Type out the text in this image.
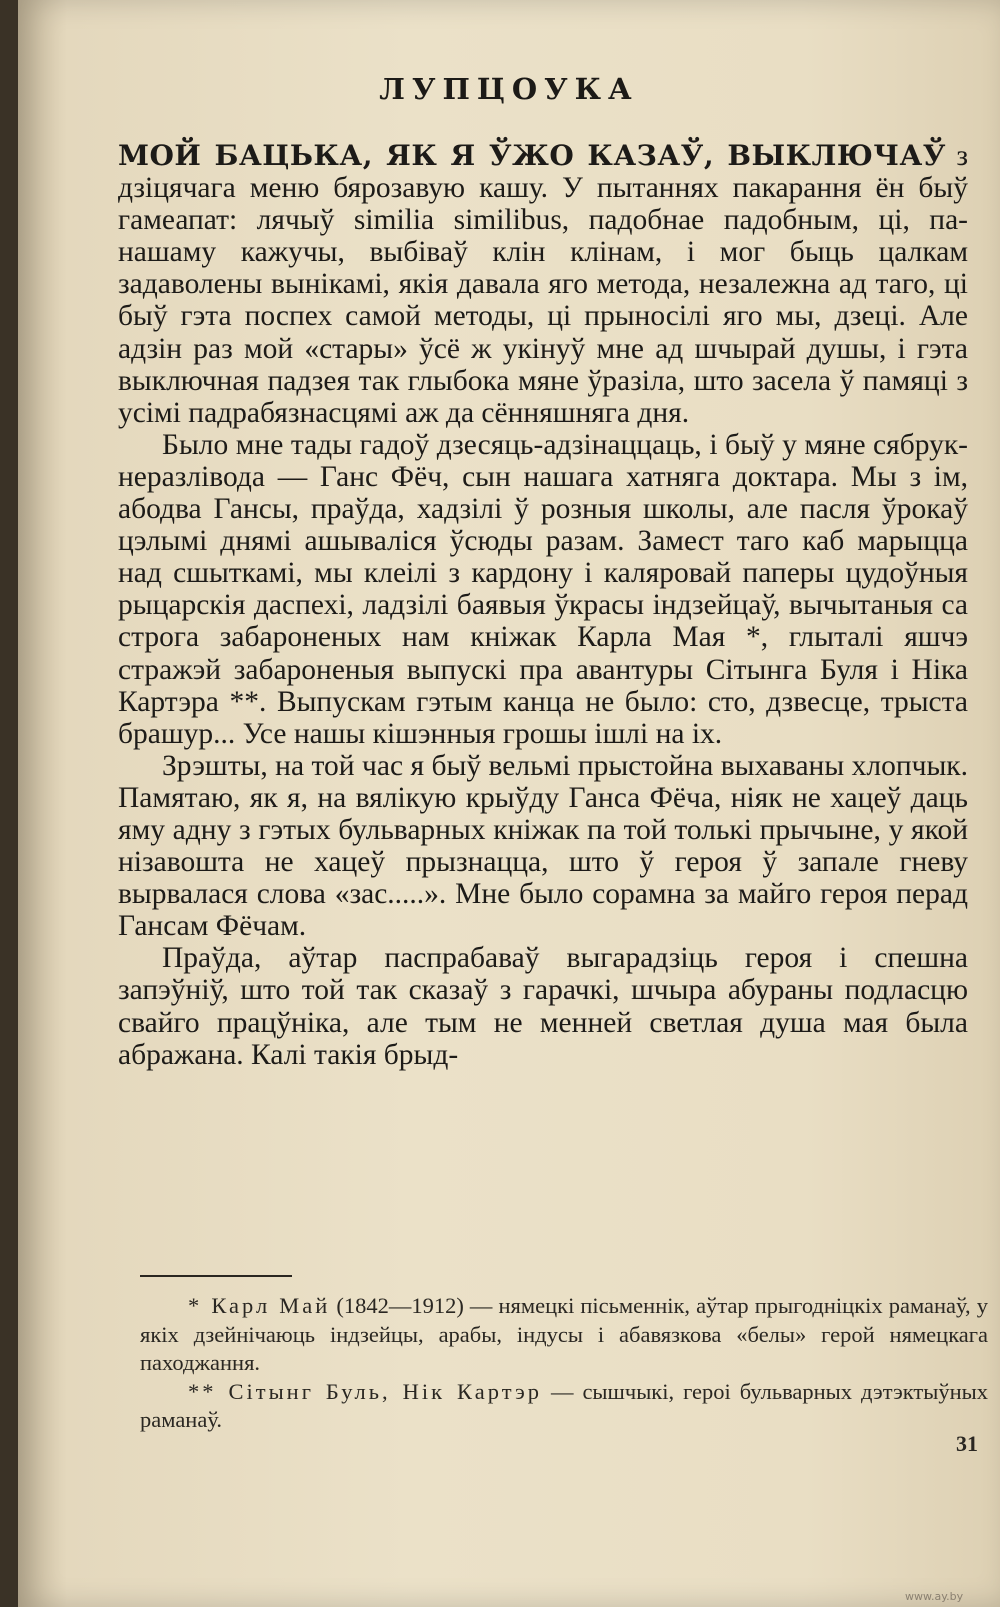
ЛУПЦОУКА

МОЙ БАЦЬКА, ЯК Я ЎЖО КАЗАЎ, ВЫКЛЮЧАЎ з дзіцячага меню бярозавую кашу. У пытаннях пакарання ён быў гамеапат: лячыў similia similibus, падобнае падобным, ці, па-нашаму кажучы, выбіваў клін клінам, і мог быць цалкам задаволены вынікамі, якія давала яго метода, незалежна ад таго, ці быў гэта поспех самой методы, ці прыносілі яго мы, дзеці. Але адзін раз мой «стары» ўсё ж укінуў мне ад шчырай душы, і гэта выключная падзея так глыбока мяне ўразіла, што засела ў памяці з усімі падрабязнасцямі аж да сённяшняга дня.

Было мне тады гадоў дзесяць-адзінаццаць, і быў у мяне сябрук-неразлівода — Ганс Фёч, сын нашага хатняга доктара. Мы з ім, абодва Гансы, праўда, хадзілі ў розныя школы, але пасля ўрокаў цэлымі днямі ашываліся ўсюды разам. Замест таго каб марыцца над сшыткамі, мы клеілі з кардону і каляровай паперы цудоўныя рыцарскія даспехі, ладзілі баявыя ўкрасы індзейцаў, вычытаныя са строга забароненых нам кніжак Карла Мая *, глыталі яшчэ стражэй забароненыя выпускі пра авантуры Сітынга Буля і Ніка Картэра **. Выпускам гэтым канца не было: сто, дзвесце, трыста брашур... Усе нашы кішэнныя грошы ішлі на іх.

Зрэшты, на той час я быў вельмі прыстойна выхаваны хлопчык. Памятаю, як я, на вялікую крыўду Ганса Фёча, ніяк не хацеў даць яму адну з гэтых бульварных кніжак па той толькі прычыне, у якой нізавошта не хацеў прызнацца, што ў героя ў запале гневу вырвалася слова «зас.....». Мне было сорамна за майго героя перад Гансам Фёчам.

Праўда, аўтар паспрабаваў выгарадзіць героя і спешна запэўніў, што той так сказаў з гарачкі, шчыра абураны подласцю свайго працўніка, але тым не менней светлая душа мая была абражана. Калі такія брыд-

* Карл Май (1842—1912) — нямецкі пісьменнік, аўтар прыгодніцкіх раманаў, у якіх дзейнічаюць індзейцы, арабы, індусы і абавязкова «белы» герой нямецкага паходжання.

** Сітынг Буль, Нік Картэр — сышчыкі, героі бульварных дэтэктыўных раманаў.

31
www.ay.by
